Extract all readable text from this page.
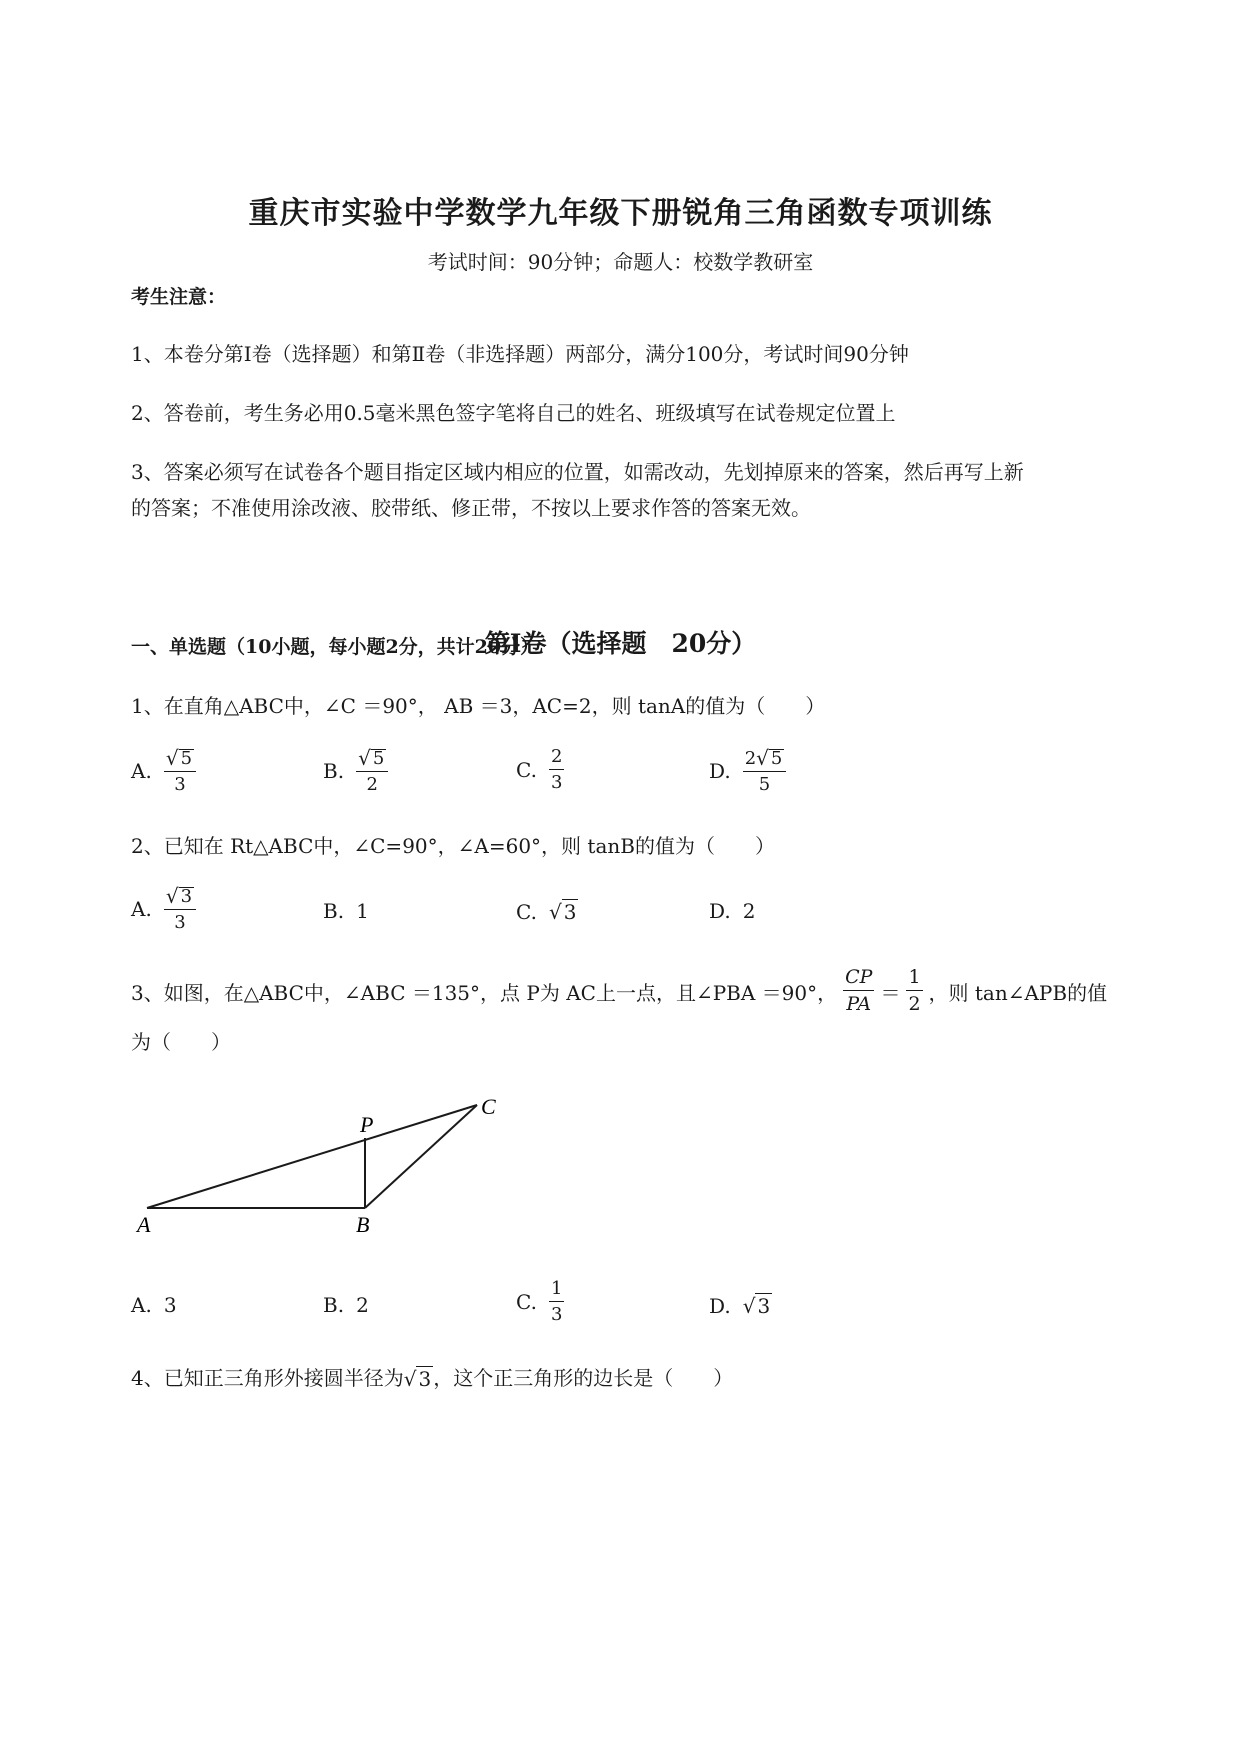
重庆市实验中学数学九年级下册锐角三角函数专项训练
考试时间：90分钟；命题人：校数学教研室
考生注意：
1、本卷分第Ⅰ卷（选择题）和第Ⅱ卷（非选择题）两部分，满分100分，考试时间90分钟
2、答卷前，考生务必用0.5毫米黑色签字笔将自己的姓名、班级填写在试卷规定位置上
3、答案必须写在试卷各个题目指定区域内相应的位置，如需改动，先划掉原来的答案，然后再写上新
的答案；不准使用涂改液、胶带纸、修正带，不按以上要求作答的答案无效。
第Ⅰ卷（选择题　20分）
一、单选题（10小题，每小题2分，共计20分）
1、在直角△ABC中，∠C ＝90°， AB ＝3，AC=2，则 tanA的值为（　　）
A. $\frac{√ 5}{3}$	B. $\frac{√ 5}{2}$	C. $\frac{2}{3}$	D. $\frac{2 √ 5}{5}$
2、已知在 Rt△ABC中，∠C=90°，∠A=60°，则 tanB的值为（　　）
A. $\frac{√ 3}{3}$	B. 1	C. √ 3	D. 2
3、如图，在△ABC中，∠ABC ＝135°，点 P为 AC上一点，且∠PBA ＝90°， $\frac{CP}{PA} = \frac{1}{2}$ ，则 tan∠APB的值
为（　　）
A	B
C
P
A. 3	B. 2	C. $\frac{1}{3}$	D. √ 3
4、已知正三角形外接圆半径为 √ 3 ，这个正三角形的边长是（　　）
